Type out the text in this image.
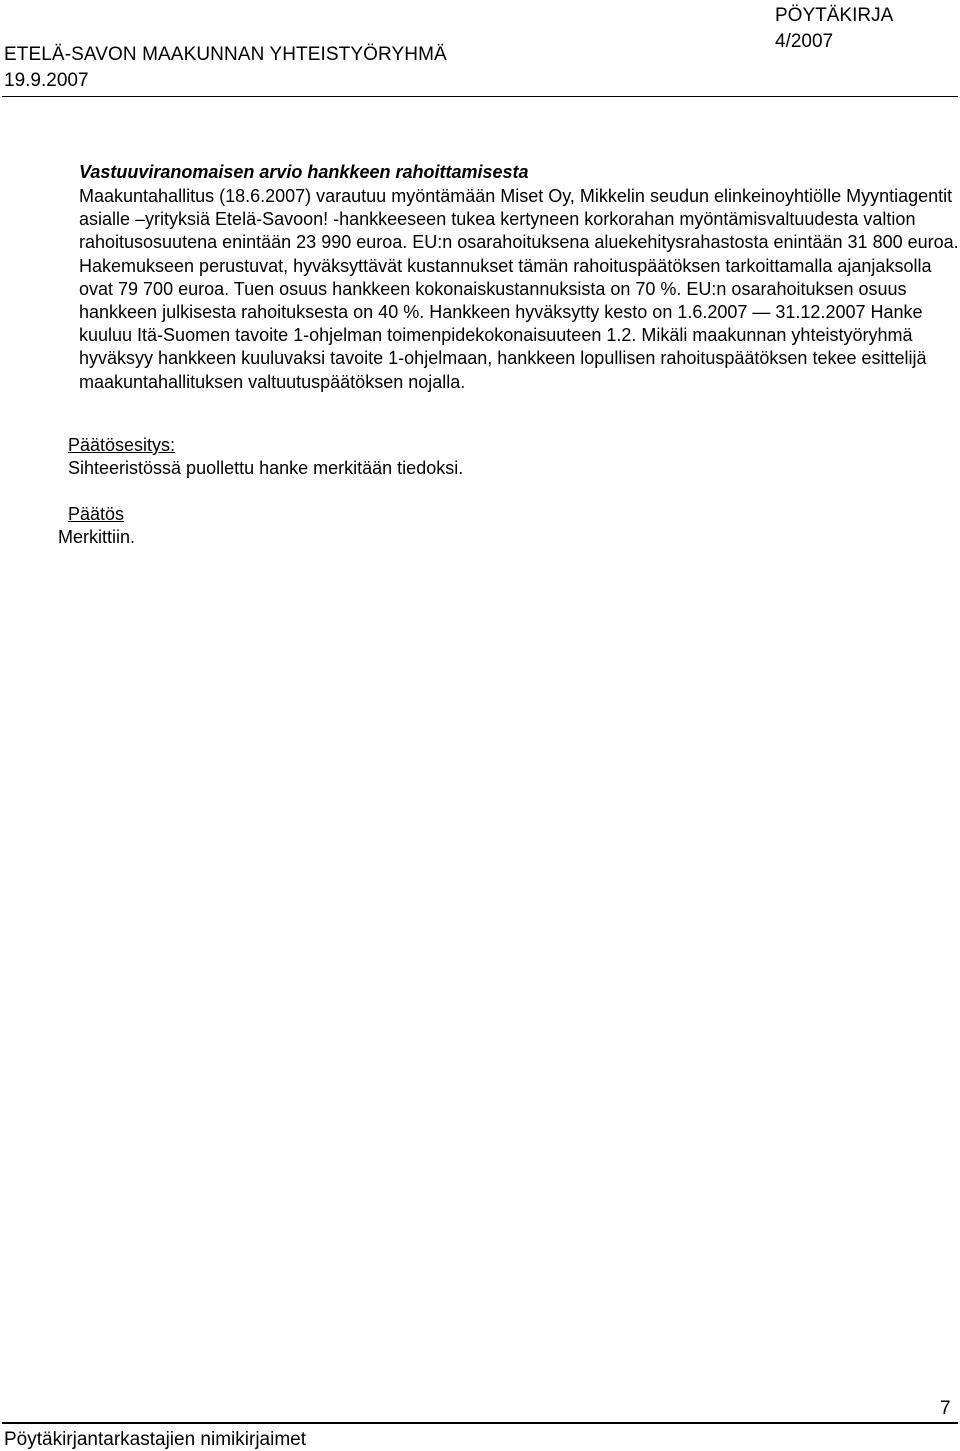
PÖYTÄKIRJA
4/2007
ETELÄ-SAVON MAAKUNNAN YHTEISTYÖRYHMÄ
19.9.2007
Vastuuviranomaisen arvio hankkeen rahoittamisesta
Maakuntahallitus (18.6.2007) varautuu myöntämään Miset Oy, Mikkelin seudun elinkeinoyhtiölle Myyntiagentit asialle –yrityksiä Etelä-Savoon! -hankkeeseen tukea kertyneen korkorahan myöntämisvaltuudesta valtion rahoitusosuutena enintään 23 990 euroa. EU:n osarahoituksena aluekehitysrahastosta enintään 31 800 euroa. Hakemukseen perustuvat, hyväksyttävät kustannukset tämän rahoituspäätöksen tarkoittamalla ajanjaksolla ovat 79 700 euroa. Tuen osuus hankkeen kokonaiskustannuksista on 70 %. EU:n osarahoituksen osuus hankkeen julkisesta rahoituksesta on 40 %. Hankkeen hyväksytty kesto on 1.6.2007 — 31.12.2007 Hanke kuuluu Itä-Suomen tavoite 1-ohjelman toimenpidekokonaisuuteen 1.2. Mikäli maakunnan yhteistyöryhmä hyväksyy hankkeen kuuluvaksi tavoite 1-ohjelmaan, hankkeen lopullisen rahoituspäätöksen tekee esittelijä maakuntahallituksen valtuutuspäätöksen nojalla.
Päätösesitys:
Sihteeristössä puollettu hanke merkitään tiedoksi.
Päätös
Merkittiin.
7
Pöytäkirjantarkastajien nimikirjaimet
